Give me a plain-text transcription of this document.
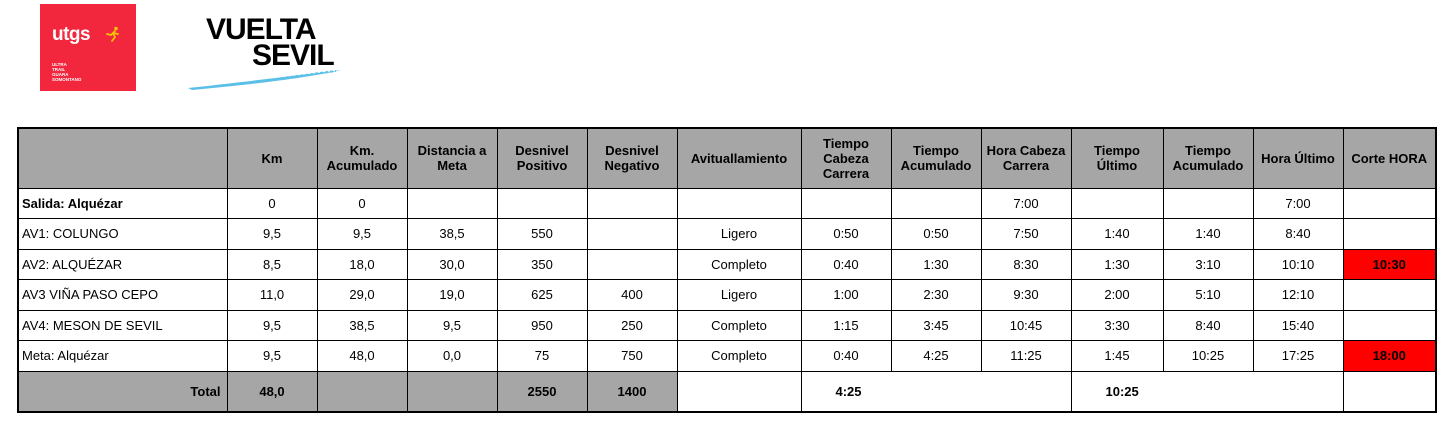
utgs
ULTRA
TRAIL
GUARA
SOMONTANO
VUELTA
SEVIL
	Km	Km. Acumulado	Distancia a Meta	Desnivel Positivo	Desnivel Negativo	Avituallamiento	Tiempo Cabeza Carrera	Tiempo Acumulado	Hora Cabeza Carrera	Tiempo Último	Tiempo Acumulado	Hora Último	Corte HORA
Salida: Alquézar	0	0							7:00			7:00	
AV1: COLUNGO	9,5	9,5	38,5	550		Ligero	0:50	0:50	7:50	1:40	1:40	8:40	
AV2: ALQUÉZAR	8,5	18,0	30,0	350		Completo	0:40	1:30	8:30	1:30	3:10	10:10	10:30
AV3 VIÑA PASO CEPO	11,0	29,0	19,0	625	400	Ligero	1:00	2:30	9:30	2:00	5:10	12:10	
AV4: MESON DE SEVIL	9,5	38,5	9,5	950	250	Completo	1:15	3:45	10:45	3:30	8:40	15:40	
Meta: Alquézar	9,5	48,0	0,0	75	750	Completo	0:40	4:25	11:25	1:45	10:25	17:25	18:00
Total	48,0			2550	1400		4:25			10:25			
